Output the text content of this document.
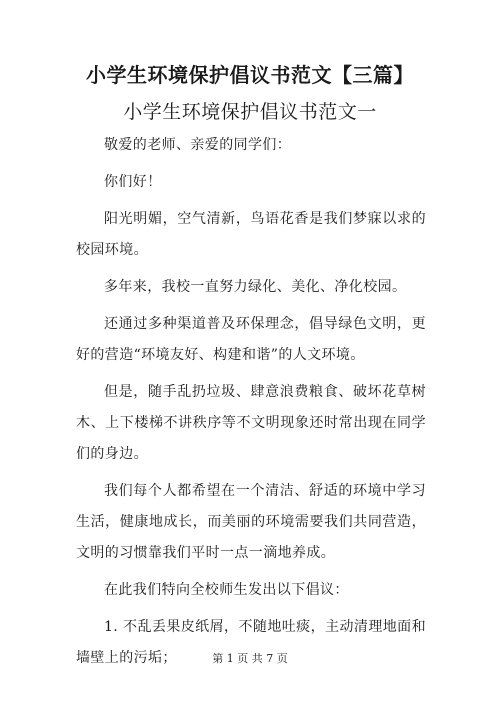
小学生环境保护倡议书范文【三篇】
小学生环境保护倡议书范文一

敬爱的老师、亲爱的同学们：

你们好！

阳光明媚，空气清新，鸟语花香是我们梦寐以求的校园环境。

多年来，我校一直努力绿化、美化、净化校园。

还通过多种渠道普及环保理念，倡导绿色文明，更好的营造“环境友好、构建和谐”的人文环境。

但是，随手乱扔垃圾、肆意浪费粮食、破坏花草树木、上下楼梯不讲秩序等不文明现象还时常出现在同学们的身边。

我们每个人都希望在一个清洁、舒适的环境中学习生活，健康地成长，而美丽的环境需要我们共同营造，文明的习惯靠我们平时一点一滴地养成。

在此我们特向全校师生发出以下倡议：

1. 不乱丢果皮纸屑，不随地吐痰，主动清理地面和墙壁上的污垢；	第 1 页 共 7 页
